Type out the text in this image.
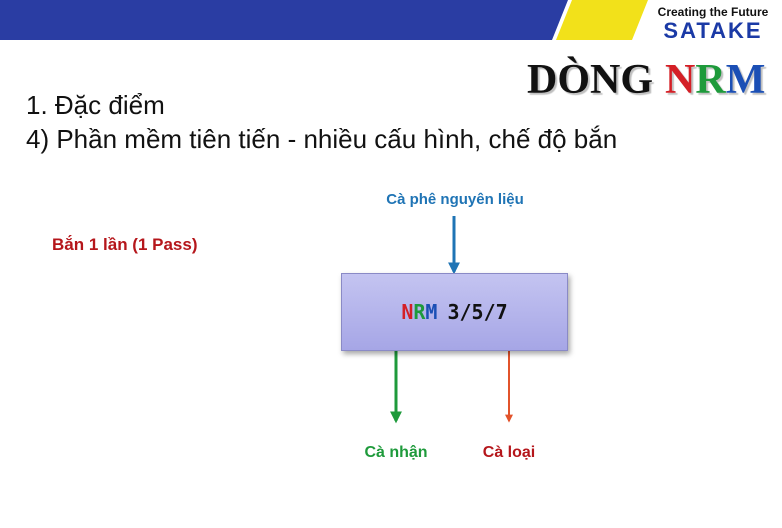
Creating the Future
SATAKE
DÒNG NRM
1. Đặc điểm
4) Phần mềm tiên tiến - nhiều cấu hình, chế độ bắn
Bắn 1 lần (1 Pass)
Cà phê nguyên liệu
N R M 3/5/7
Cà nhận	Cà loại
